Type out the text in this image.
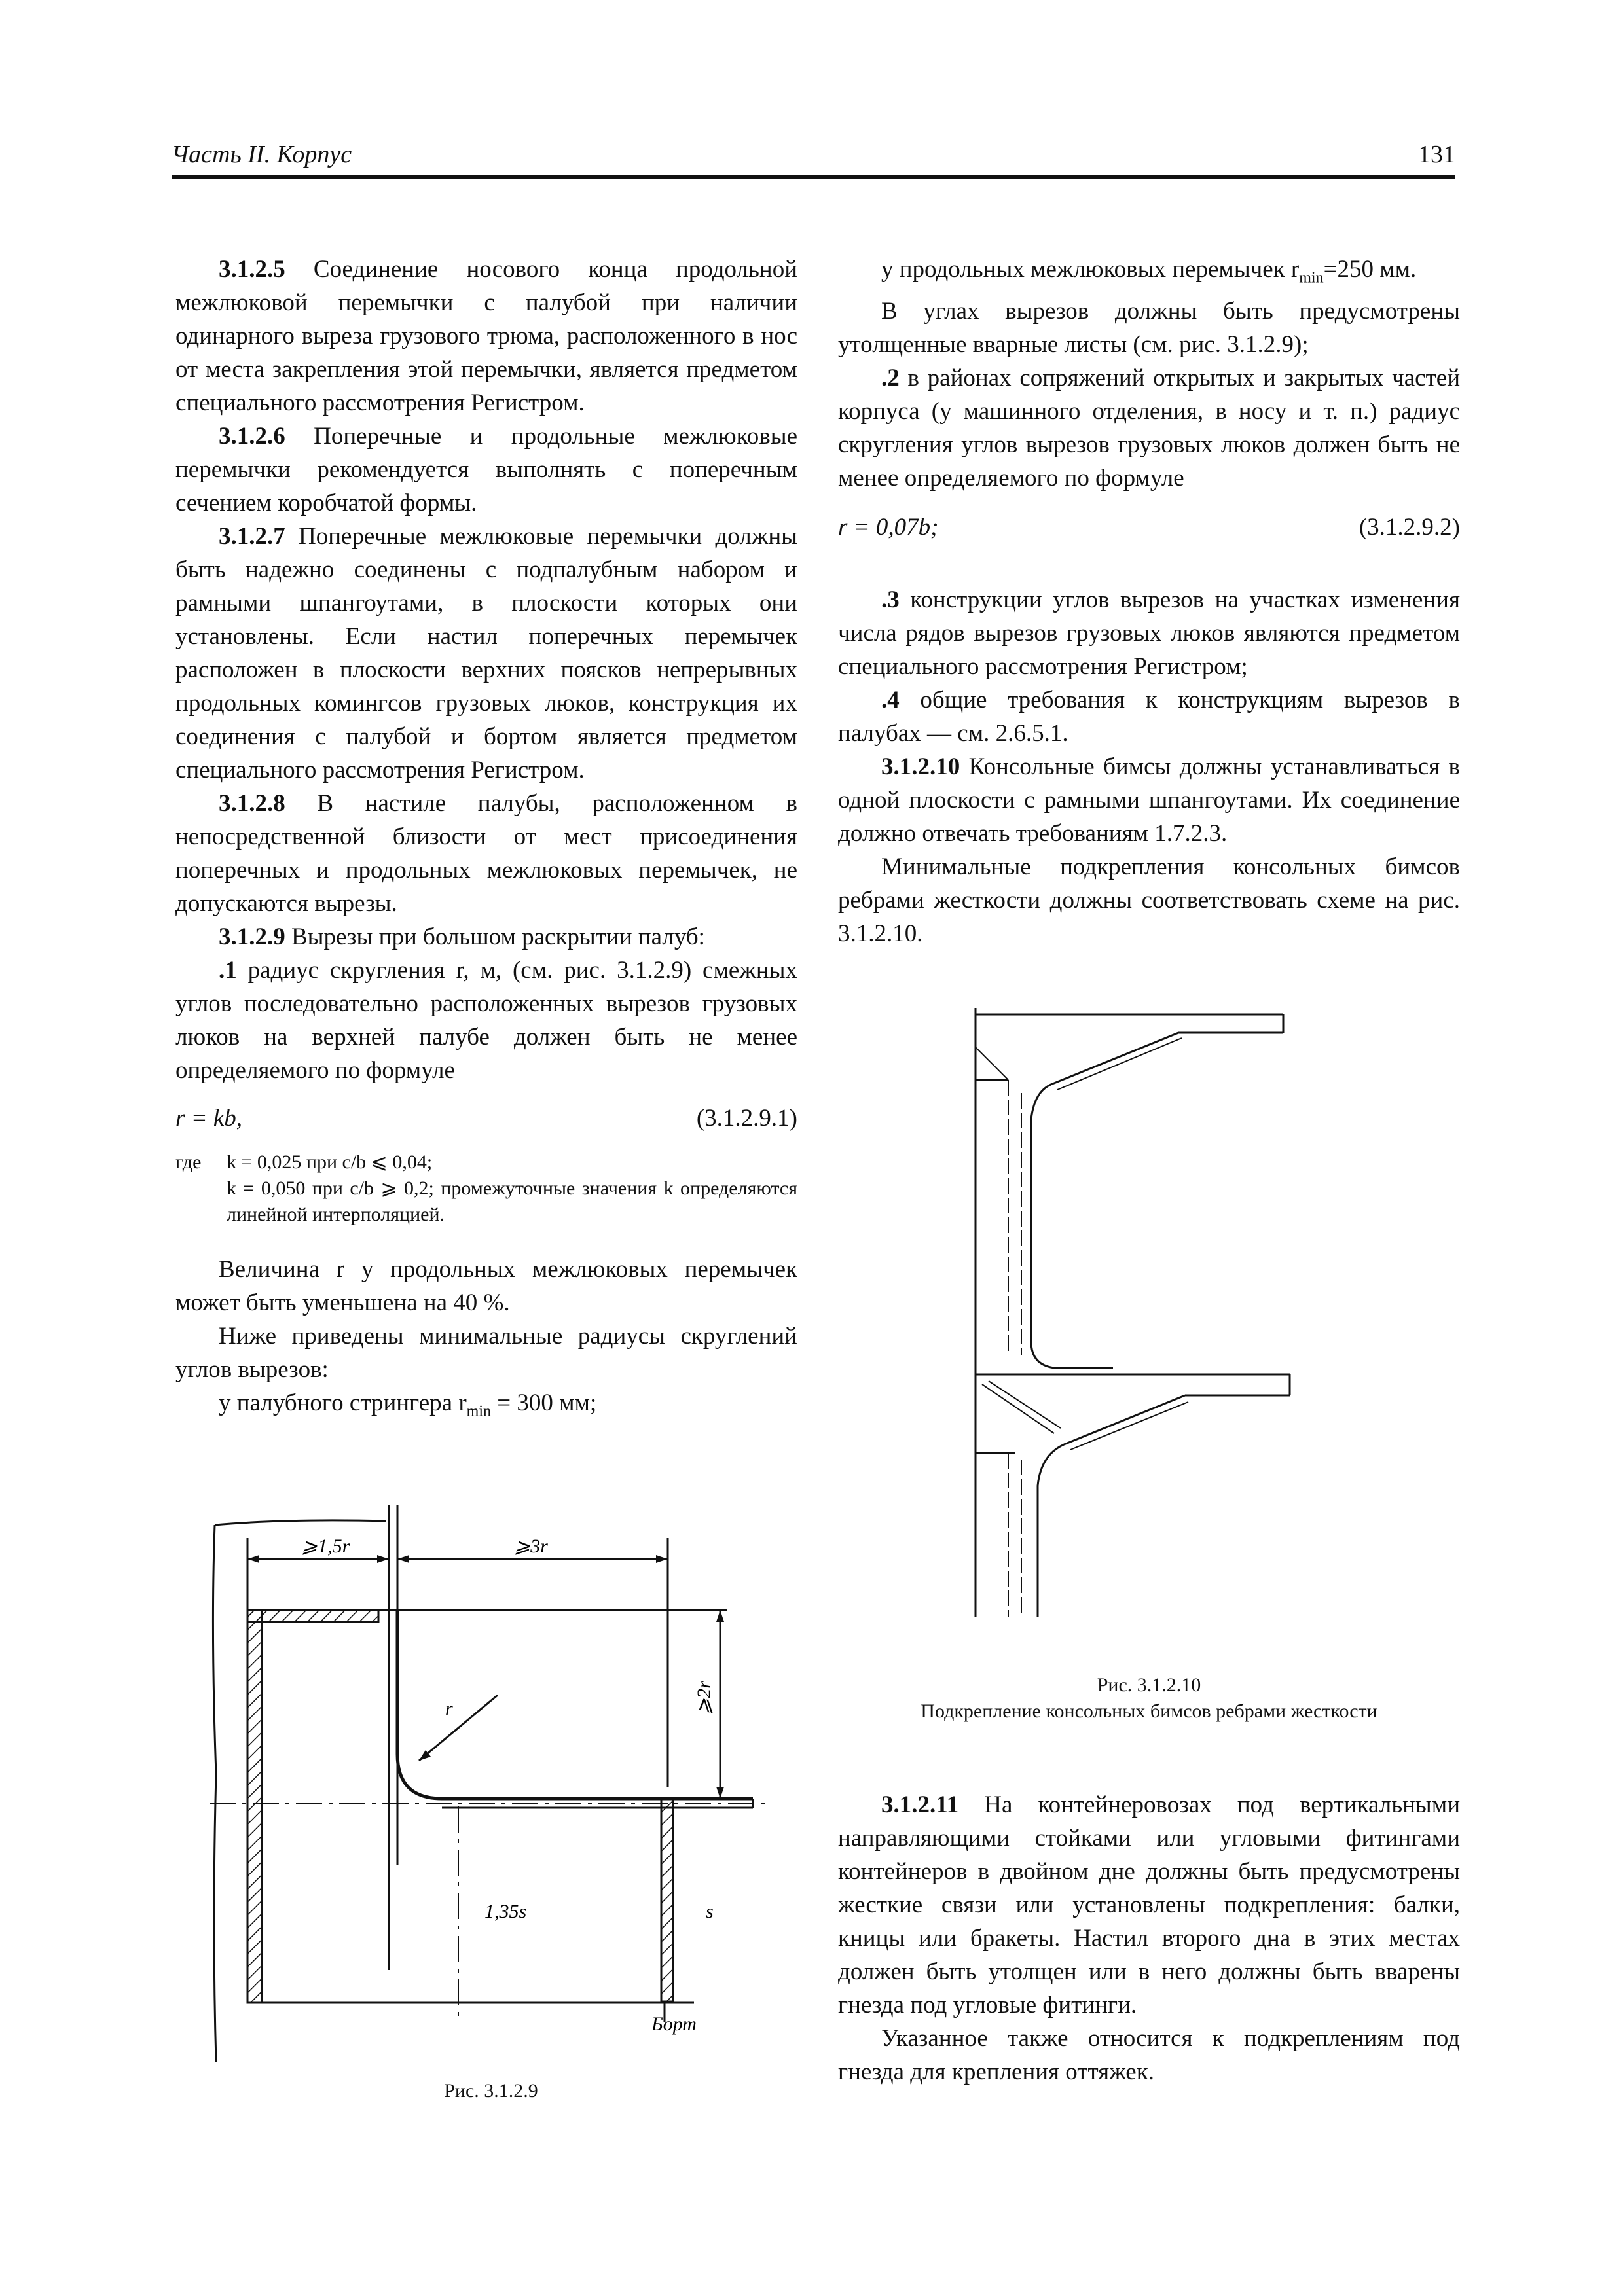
Часть II. Корпус	131

3.1.2.5 Соединение носового конца продольной межлюковой перемычки с палубой при наличии одинарного выреза грузового трюма, расположенного в нос от места закрепления этой перемычки, является предметом специального рассмотрения Регистром.

3.1.2.6 Поперечные и продольные межлюковые перемычки рекомендуется выполнять с поперечным сечением коробчатой формы.

3.1.2.7 Поперечные межлюковые перемычки должны быть надежно соединены с подпалубным набором и рамными шпангоутами, в плоскости которых они установлены. Если настил поперечных перемычек расположен в плоскости верхних поясков непрерывных продольных комингсов грузовых люков, конструкция их соединения с палубой и бортом является предметом специального рассмотрения Регистром.

3.1.2.8 В настиле палубы, расположенном в непосредственной близости от мест присоединения поперечных и продольных межлюковых перемычек, не допускаются вырезы.

3.1.2.9 Вырезы при большом раскрытии палуб:

.1 радиус скругления r, м, (см. рис. 3.1.2.9) смежных углов последовательно расположенных вырезов грузовых люков на верхней палубе должен быть не менее определяемого по формуле

r = kb,	(3.1.2.9.1)
где	k = 0,025 при c/b ⩽ 0,04;
k = 0,050 при c/b ⩾ 0,2; промежуточные значения k определяются линейной интерполяцией.

Величина r у продольных межлюковых перемычек может быть уменьшена на 40 %.

Ниже приведены минимальные радиусы скруглений углов вырезов:

у палубного стрингера $r_{min} = 300$ мм;

у продольных межлюковых перемычек $r_{min}=250$ мм.

В углах вырезов должны быть предусмотрены утолщенные вварные листы (см. рис. 3.1.2.9);

.2 в районах сопряжений открытых и закрытых частей корпуса (у машинного отделения, в носу и т. п.) радиус скругления углов вырезов грузовых люков должен быть не менее определяемого по формуле

r = 0,07b;	(3.1.2.9.2)

.3 конструкции углов вырезов на участках изменения числа рядов вырезов грузовых люков являются предметом специального рассмотрения Регистром;

.4 общие требования к конструкциям вырезов в палубах — см. 2.6.5.1.

3.1.2.10 Консольные бимсы должны устанавливаться в одной плоскости с рамными шпангоутами. Их соединение должно отвечать требованиям 1.7.2.3.

Минимальные подкрепления консольных бимсов ребрами жесткости должны соответствовать схеме на рис. 3.1.2.10.

3.1.2.11 На контейнеровозах под вертикальными направляющими стойками или угловыми фитингами контейнеров в двойном дне должны быть предусмотрены жесткие связи или установлены подкрепления: балки, кницы или бракеты. Настил второго дна в этих местах должен быть утолщен или в него должны быть вварены гнезда под угловые фитинги.

Указанное также относится к подкреплениям под гнезда для крепления оттяжек.

⩾1,5r	⩾3r
⩾2r
r
1,35s	s
Борт
Рис. 3.1.2.9
Рис. 3.1.2.10
Подкрепление консольных бимсов ребрами жесткости
